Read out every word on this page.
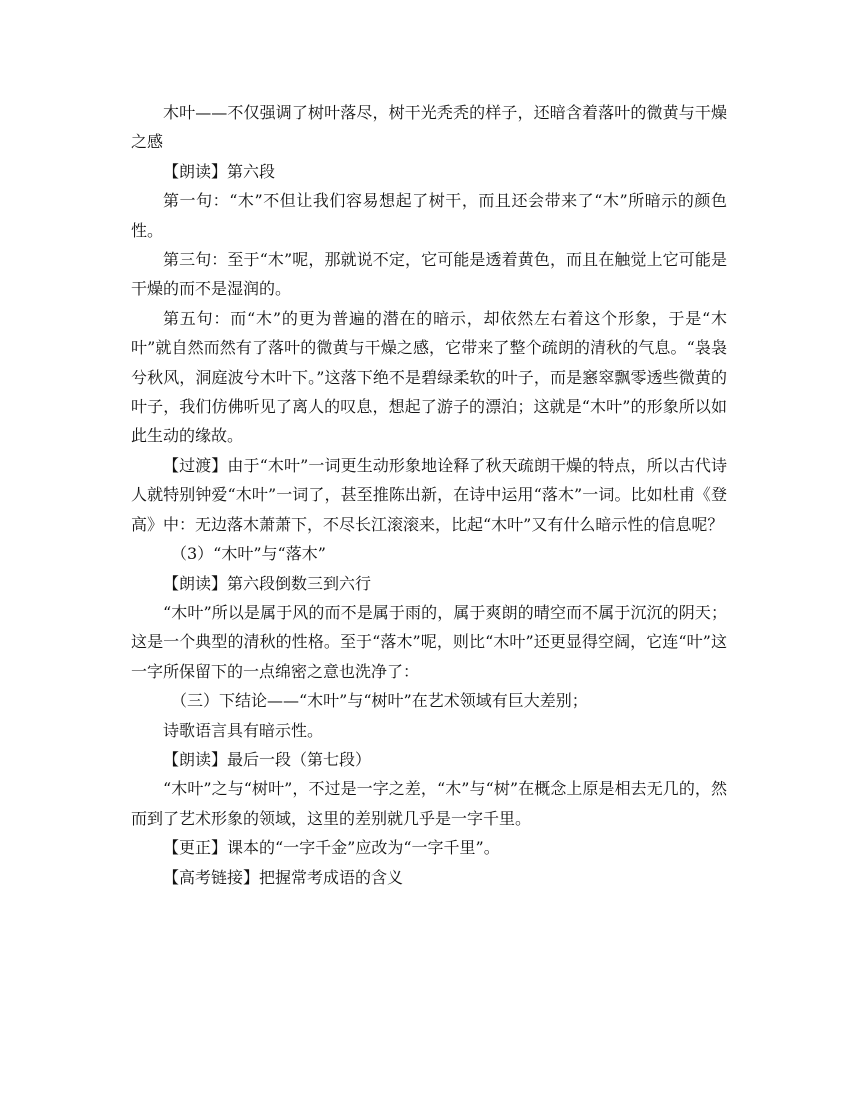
木叶——不仅强调了树叶落尽，树干光秃秃的样子，还暗含着落叶的微黄与干燥之感

【朗读】第六段

第一句：“木”不但让我们容易想起了树干，而且还会带来了“木”所暗示的颜色性。

第三句：至于“木”呢，那就说不定，它可能是透着黄色，而且在触觉上它可能是干燥的而不是湿润的。

第五句：而“木”的更为普遍的潜在的暗示，却依然左右着这个形象，于是“木叶”就自然而然有了落叶的微黄与干燥之感，它带来了整个疏朗的清秋的气息。“袅袅兮秋风，洞庭波兮木叶下。”这落下绝不是碧绿柔软的叶子，而是窸窣飘零透些微黄的叶子，我们仿佛听见了离人的叹息，想起了游子的漂泊；这就是“木叶”的形象所以如此生动的缘故。

【过渡】由于“木叶”一词更生动形象地诠释了秋天疏朗干燥的特点，所以古代诗人就特别钟爱“木叶”一词了，甚至推陈出新，在诗中运用“落木”一词。比如杜甫《登高》中：无边落木萧萧下，不尽长江滚滚来，比起“木叶”又有什么暗示性的信息呢？

（3）“木叶”与“落木”

【朗读】第六段倒数三到六行

“木叶”所以是属于风的而不是属于雨的，属于爽朗的晴空而不属于沉沉的阴天；这是一个典型的清秋的性格。至于“落木”呢，则比“木叶”还更显得空阔，它连“叶”这一字所保留下的一点绵密之意也洗净了：

（三）下结论——“木叶”与“树叶”在艺术领域有巨大差别；

诗歌语言具有暗示性。

【朗读】最后一段（第七段）

“木叶”之与“树叶”，不过是一字之差，“木”与“树”在概念上原是相去无几的，然而到了艺术形象的领域，这里的差别就几乎是一字千里。

【更正】课本的“一字千金”应改为“一字千里”。

【高考链接】把握常考成语的含义
